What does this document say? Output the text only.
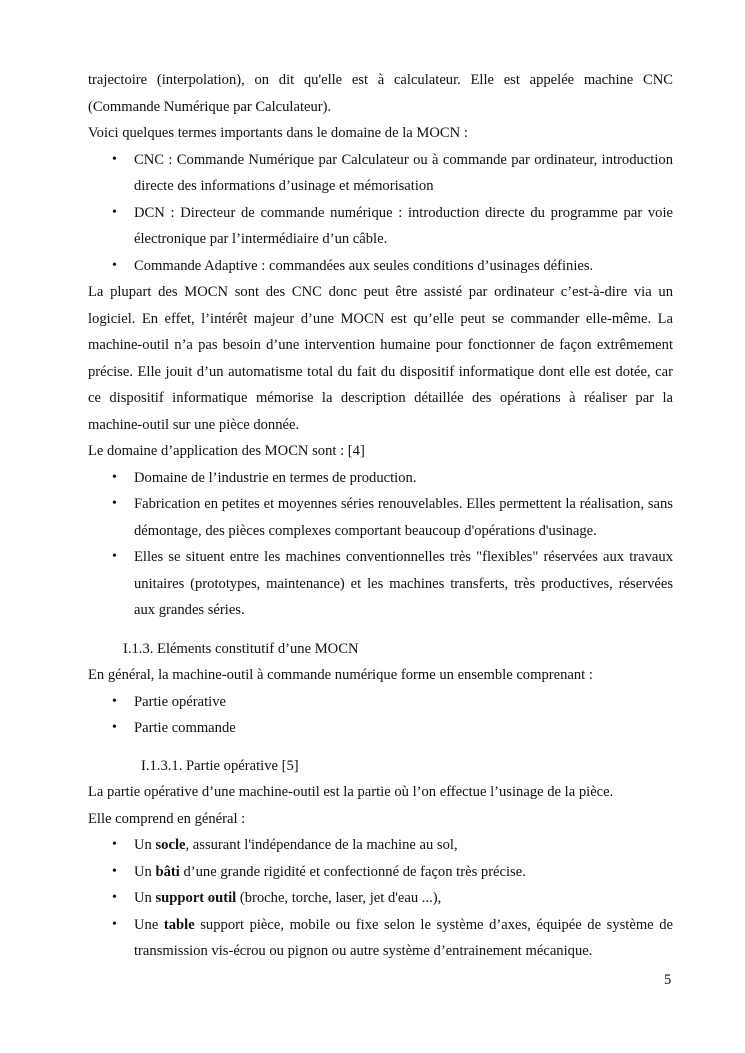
trajectoire (interpolation), on dit qu'elle est à calculateur. Elle est appelée machine CNC (Commande Numérique par Calculateur).

Voici quelques termes importants dans le domaine de la MOCN :

• CNC : Commande Numérique par Calculateur ou à commande par ordinateur, introduction directe des informations d’usinage et mémorisation
• DCN : Directeur de commande numérique : introduction directe du programme par voie électronique par l’intermédiaire d’un câble.
• Commande Adaptive : commandées aux seules conditions d’usinages définies.

La plupart des MOCN sont des CNC donc peut être assisté par ordinateur c’est-à-dire via un logiciel. En effet, l’intérêt majeur d’une MOCN est qu’elle peut se commander elle-même. La machine-outil n’a pas besoin d’une intervention humaine pour fonctionner de façon extrêmement précise. Elle jouit d’un automatisme total du fait du dispositif informatique dont elle est dotée, car ce dispositif informatique mémorise la description détaillée des opérations à réaliser par la machine-outil sur une pièce donnée.

Le domaine d’application des MOCN sont : [4]

• Domaine de l’industrie en termes de production.
• Fabrication en petites et moyennes séries renouvelables. Elles permettent la réalisation, sans démontage, des pièces complexes comportant beaucoup d'opérations d'usinage.
• Elles se situent entre les machines conventionnelles très "flexibles" réservées aux travaux unitaires (prototypes, maintenance) et les machines transferts, très productives, réservées aux grandes séries.

I.1.3. Eléments constitutif d’une MOCN

En général, la machine-outil à commande numérique forme un ensemble comprenant :

• Partie opérative
• Partie commande

I.1.3.1. Partie opérative [5]

La partie opérative d’une machine-outil est la partie où l’on effectue l’usinage de la pièce.

Elle comprend en général :

• Un socle, assurant l'indépendance de la machine au sol,
• Un bâti d’une grande rigidité et confectionné de façon très précise.
• Un support outil (broche, torche, laser, jet d'eau ...),
• Une table support pièce, mobile ou fixe selon le système d’axes, équipée de système de transmission vis-écrou ou pignon ou autre système d’entrainement mécanique.
5
